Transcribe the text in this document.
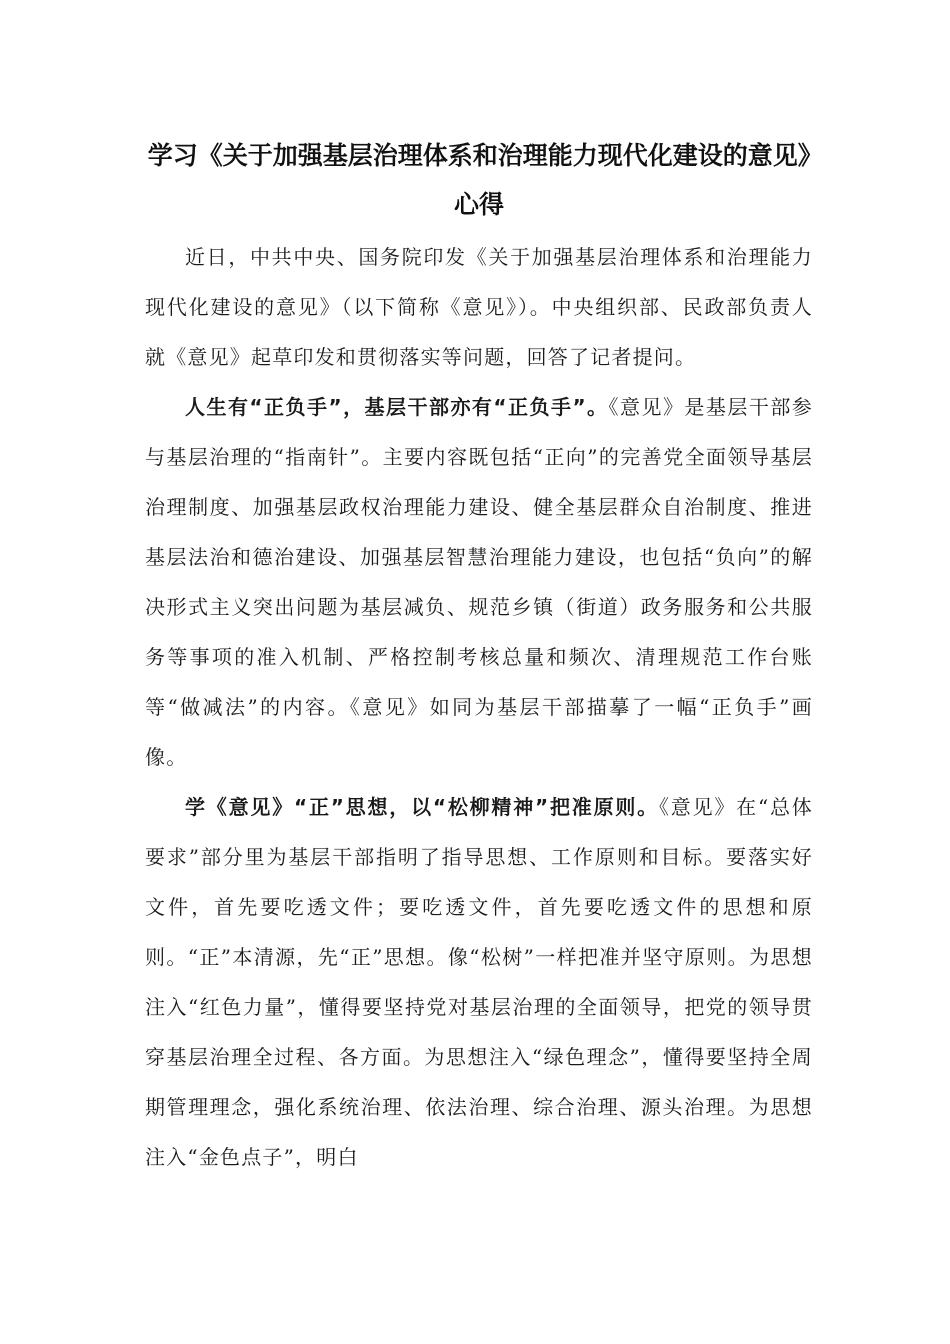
学习《关于加强基层治理体系和治理能力现代化建设的意见》心得

近日，中共中央、国务院印发《关于加强基层治理体系和治理能力现代化建设的意见》（以下简称《意见》）。中央组织部、民政部负责人就《意见》起草印发和贯彻落实等问题，回答了记者提问。

人生有“正负手”，基层干部亦有“正负手”。《意见》是基层干部参与基层治理的“指南针”。主要内容既包括“正向”的完善党全面领导基层治理制度、加强基层政权治理能力建设、健全基层群众自治制度、推进基层法治和德治建设、加强基层智慧治理能力建设，也包括“负向”的解决形式主义突出问题为基层减负、规范乡镇（街道）政务服务和公共服务等事项的准入机制、严格控制考核总量和频次、清理规范工作台账等“做减法”的内容。《意见》如同为基层干部描摹了一幅“正负手”画像。

学《意见》“正”思想，以“松柳精神”把准原则。《意见》在“总体要求”部分里为基层干部指明了指导思想、工作原则和目标。要落实好文件，首先要吃透文件；要吃透文件，首先要吃透文件的思想和原则。“正”本清源，先“正”思想。像“松树”一样把准并坚守原则。为思想注入“红色力量”，懂得要坚持党对基层治理的全面领导，把党的领导贯穿基层治理全过程、各方面。为思想注入“绿色理念”，懂得要坚持全周期管理理念，强化系统治理、依法治理、综合治理、源头治理。为思想注入“金色点子”，明白
